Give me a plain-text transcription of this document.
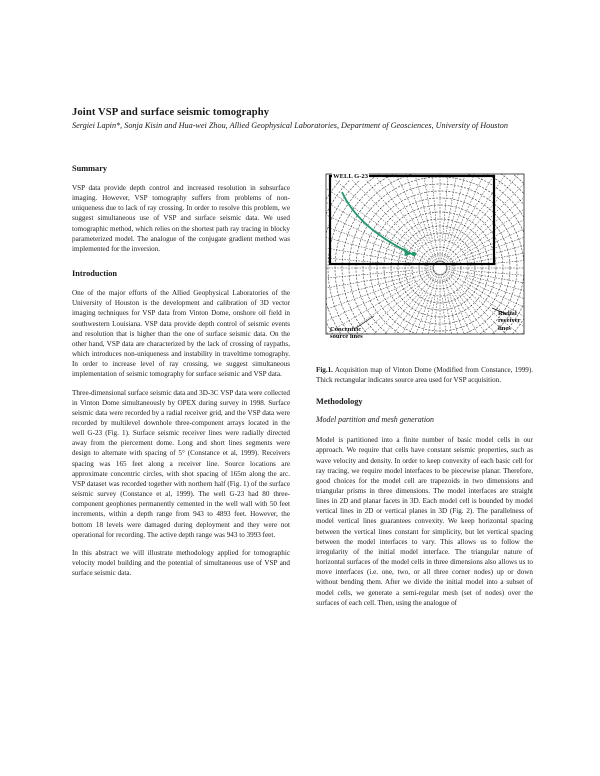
Joint VSP and surface seismic tomography
Sergiei Lapin*, Sonja Kisin and Hua-wei Zhou, Allied Geophysical Laboratories, Department of Geosciences, University of Houston
Summary

VSP data provide depth control and increased resolution in subsurface imaging. However, VSP tomography suffers from problems of non-uniqueness due to lack of ray crossing. In order to resolve this problem, we suggest simultaneous use of VSP and surface seismic data. We used tomographic method, which relies on the shortest path ray tracing in blocky parameterized model. The analogue of the conjugate gradient method was implemented for the inversion.

Introduction

One of the major efforts of the Allied Geophysical Laboratories of the University of Houston is the development and calibration of 3D vector imaging techniques for VSP data from Vinton Dome, onshore oil field in southwestern Louisiana. VSP data provide depth control of seismic events and resolution that is higher than the one of surface seismic data. On the other hand, VSP data are characterized by the lack of crossing of raypaths, which introduces non-uniqueness and instability in traveltime tomography. In order to increase level of ray crossing, we suggest simultaneous implementation of seismic tomography for surface seismic and VSP data.

Three-dimensional surface seismic data and 3D-3C VSP data were collected in Vinton Dome simultaneously by OPEX during survey in 1998. Surface seismic data were recorded by a radial receiver grid, and the VSP data were recorded by multilevel downhole three-component arrays located in the well G-23 (Fig. 1). Surface seismic receiver lines were radially directed away from the piercement dome. Long and short lines segments were design to alternate with spacing of 5° (Constance et al, 1999). Receivers spacing was 165 feet along a receiver line. Source locations are approximate concentric circles, with shot spacing of 165m along the arc. VSP dataset was recorded together with northern half (Fig. 1) of the surface seismic survey (Constance et al, 1999). The well G-23 had 80 three-component geophones permanently cemented in the well wall with 50 feet increments, within a depth range from 943 to 4893 feet. However, the bottom 18 levels were damaged during deployment and they were not operational for recording. The active depth range was 943 to 3993 feet.

In this abstract we will illustrate methodology applied for tomographic velocity model building and the potential of simultaneous use of VSP and surface seismic data.

WELL G-23
Radial
receiver
lines
Concentric
source lines

Fig.1. Acquisition map of Vinton Dome (Modified from Constance, 1999). Thick rectangular indicates source area used for VSP acquisition.

Methodology
Model partition and mesh generation

Model is partitioned into a finite number of basic model cells in our approach. We require that cells have constant seismic properties, such as wave velocity and density. In order to keep convexity of each basic cell for ray tracing, we require model interfaces to be piecewise planar. Therefore, good choices for the model cell are trapezoids in two dimensions and triangular prisms in three dimensions. The model interfaces are straight lines in 2D and planar facets in 3D. Each model cell is bounded by model vertical lines in 2D or vertical planes in 3D (Fig. 2). The parallelness of model vertical lines guarantees convexity. We keep horizontal spacing between the vertical lines constant for simplicity, but let vertical spacing between the model interfaces to vary. This allows us to follow the irregularity of the initial model interface. The triangular nature of horizontal surfaces of the model cells in three dimensions also allows us to move interfaces (i.e. one, two, or all three corner nodes) up or down without bending them. After we divide the initial model into a subset of model cells, we generate a semi-regular mesh (set of nodes) over the surfaces of each cell. Then, using the analogue of
